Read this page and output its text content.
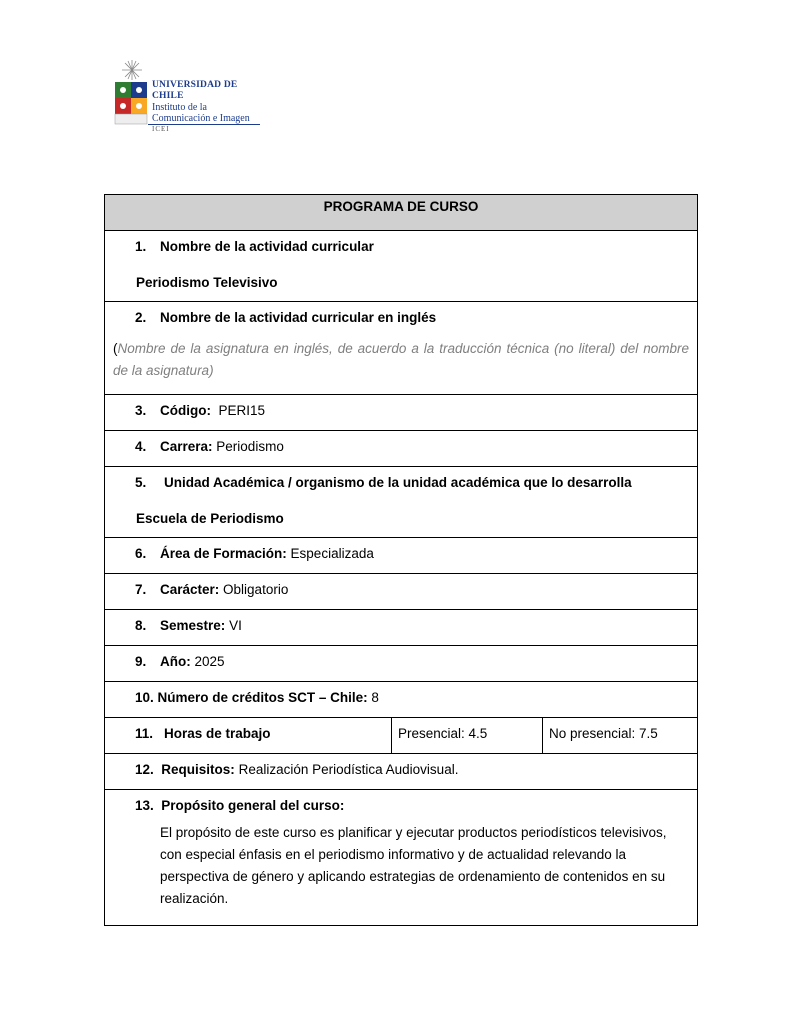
UNIVERSIDAD DE CHILE
Instituto de la
Comunicación e Imagen
ICEI
PROGRAMA DE CURSO

1. Nombre de la actividad curricular
Periodismo Televisivo

2. Nombre de la actividad curricular en inglés
(Nombre de la asignatura en inglés, de acuerdo a la traducción técnica (no literal) del nombre de la asignatura)

3. Código: PERI15

4. Carrera: Periodismo

5. Unidad Académica / organismo de la unidad académica que lo desarrolla
Escuela de Periodismo

6. Área de Formación: Especializada

7. Carácter: Obligatorio

8. Semestre: VI

9. Año: 2025

10. Número de créditos SCT – Chile: 8

11. Horas de trabajo	Presencial: 4.5	No presencial: 7.5

12. Requisitos: Realización Periodística Audiovisual.

13. Propósito general del curso:
El propósito de este curso es planificar y ejecutar productos periodísticos televisivos, con especial énfasis en el periodismo informativo y de actualidad relevando la perspectiva de género y aplicando estrategias de ordenamiento de contenidos en su realización.
